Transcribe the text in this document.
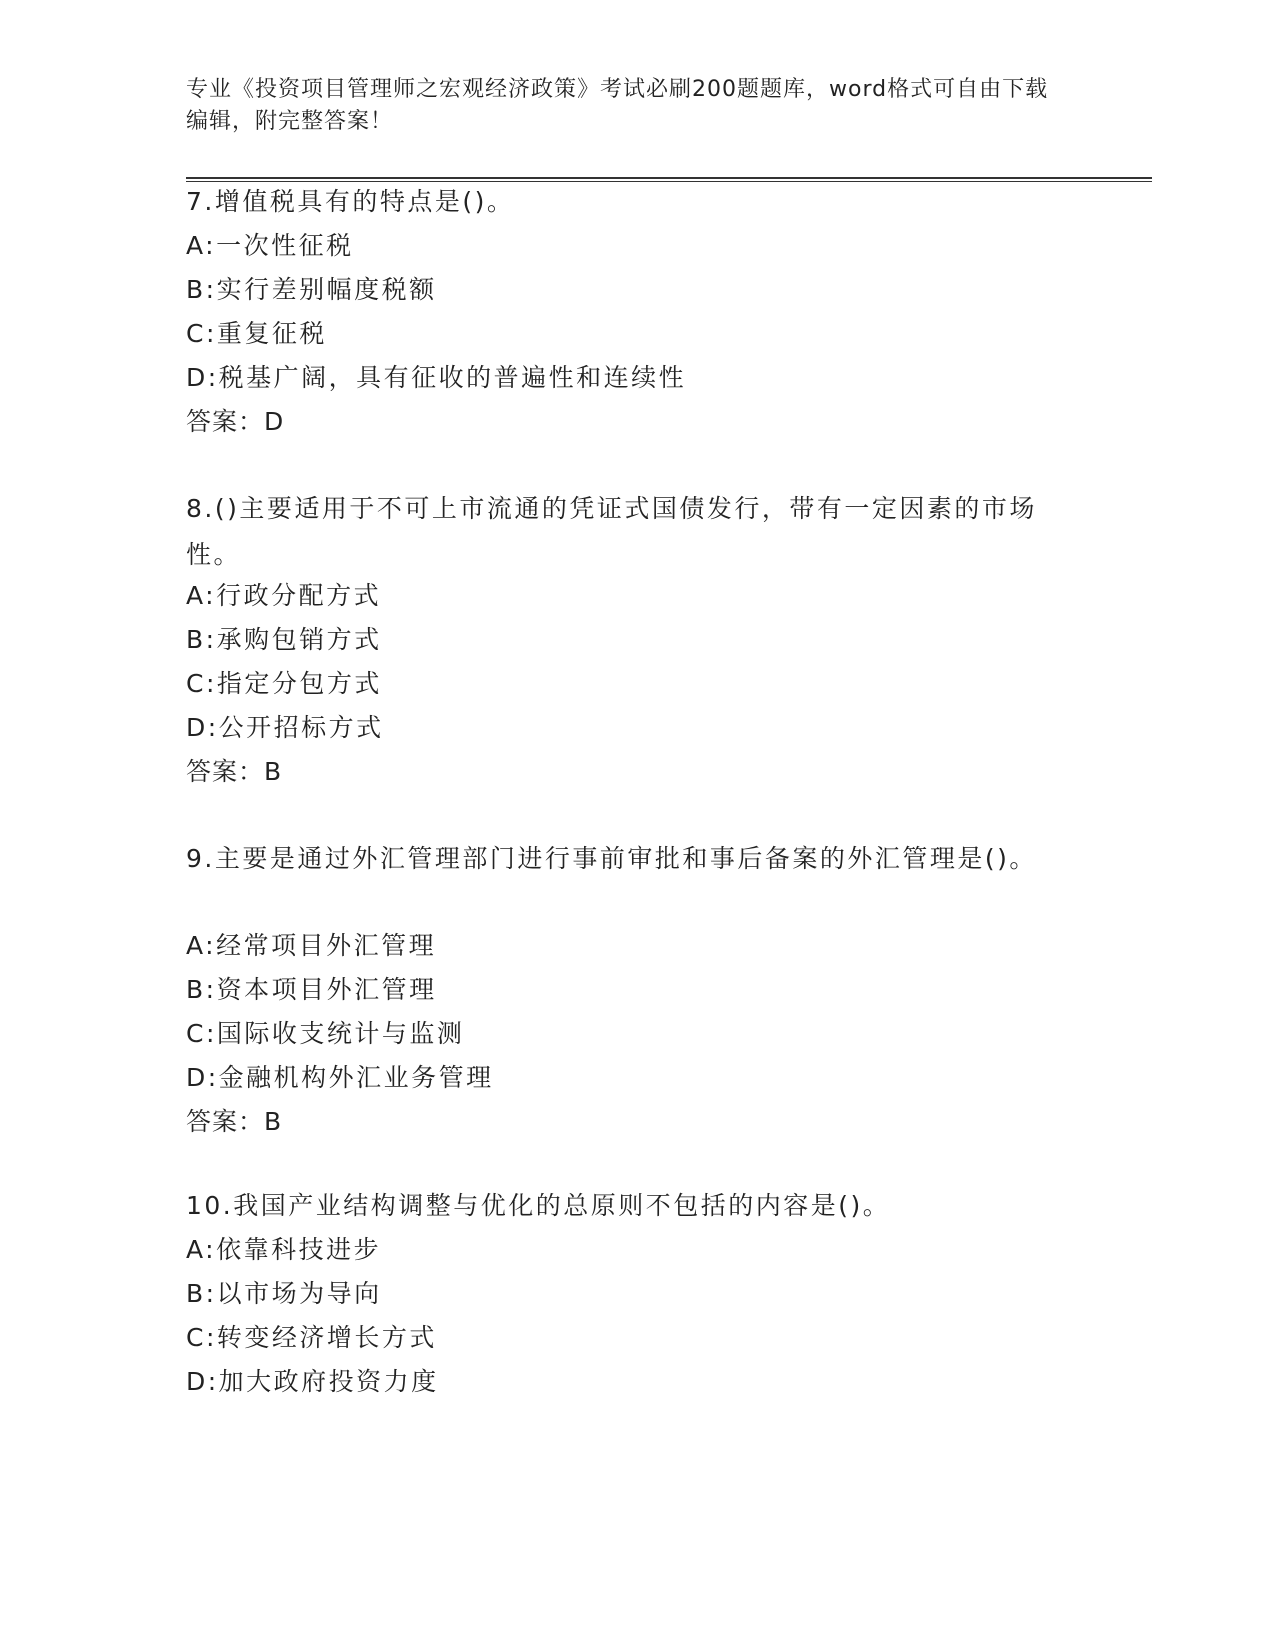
专业《投资项目管理师之宏观经济政策》考试必刷200题题库，word格式可自由下载编辑，附完整答案！
7.增值税具有的特点是()。
A:一次性征税
B:实行差别幅度税额
C:重复征税
D:税基广阔，具有征收的普遍性和连续性
答案：D
8.()主要适用于不可上市流通的凭证式国债发行，带有一定因素的市场性。
A:行政分配方式
B:承购包销方式
C:指定分包方式
D:公开招标方式
答案：B
9.主要是通过外汇管理部门进行事前审批和事后备案的外汇管理是()。
A:经常项目外汇管理
B:资本项目外汇管理
C:国际收支统计与监测
D:金融机构外汇业务管理
答案：B
10.我国产业结构调整与优化的总原则不包括的内容是()。
A:依靠科技进步
B:以市场为导向
C:转变经济增长方式
D:加大政府投资力度
